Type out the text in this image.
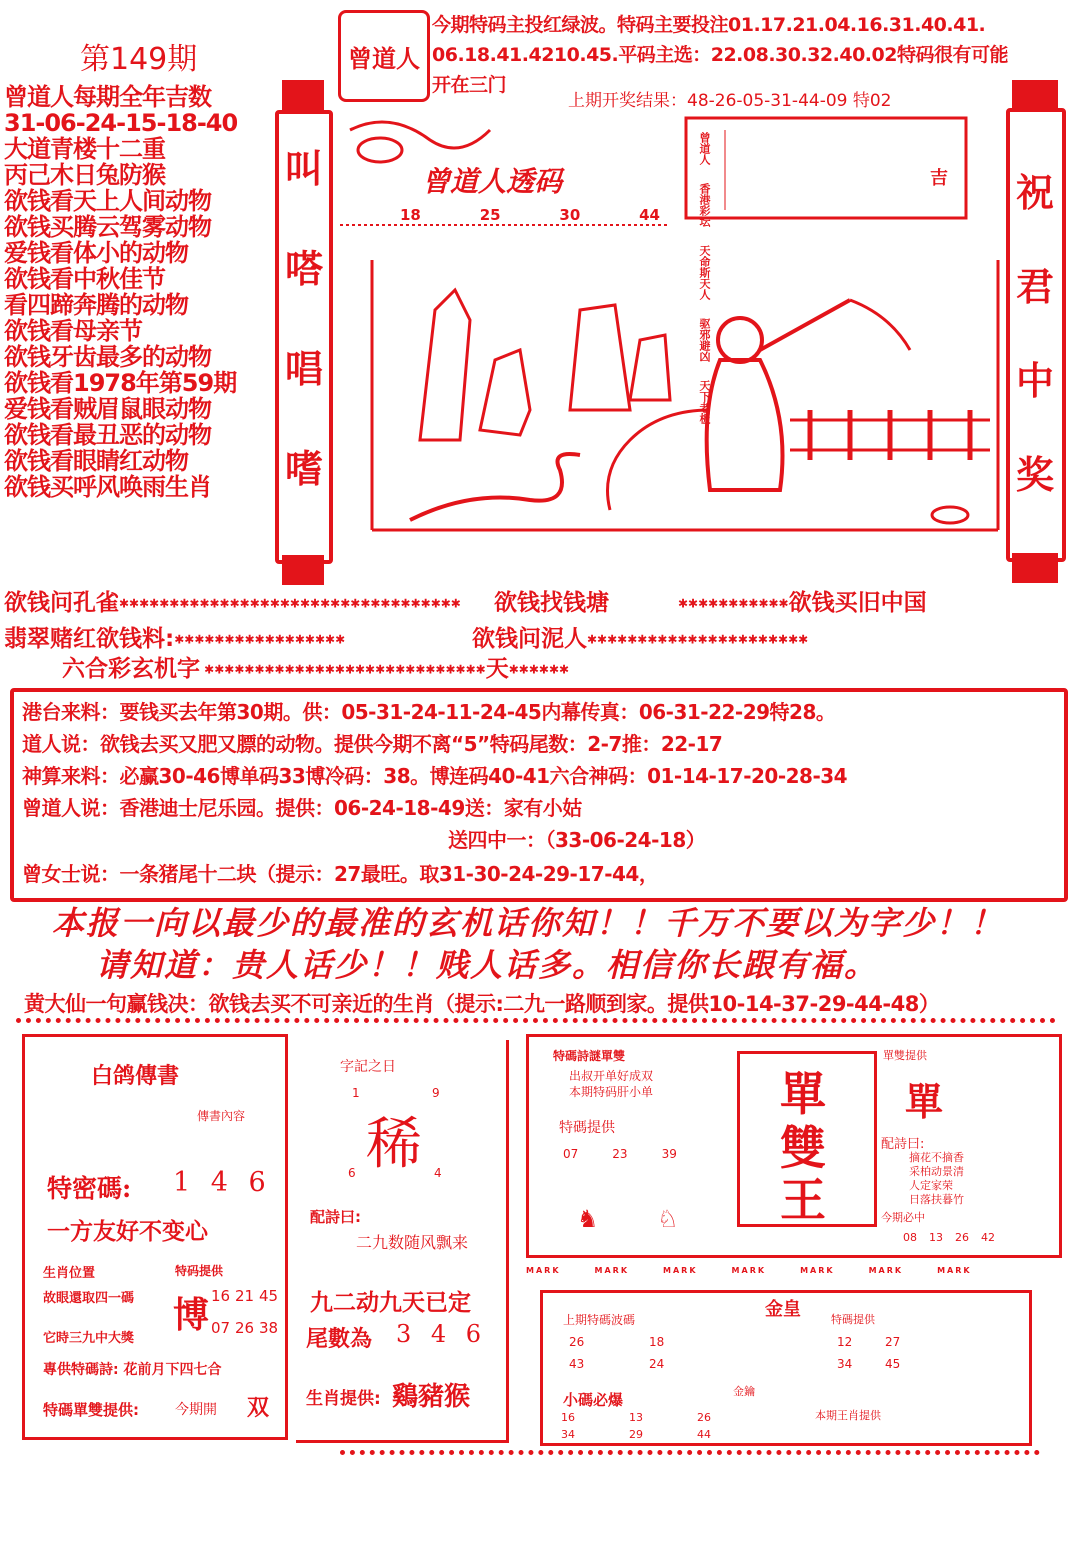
第149期	曾道人
今期特码主投红绿波。特码主要投注01.17.21.04.16.31.40.41.
06.18.41.4210.45.平码主选：22.08.30.32.40.02特码很有可能
开在三门
上期开奖结果：48-26-05-31-44-09 特02
曾道人每期全年吉数
31-06-24-15-18-40
大道青楼十二重
丙己木日兔防猴
欲钱看天上人间动物
欲钱买腾云驾雾动物
爱钱看体小的动物
欲钱看中秋佳节
看四蹄奔腾的动物
欲钱看母亲节
欲钱牙齿最多的动物
欲钱看1978年第59期
爱钱看贼眉鼠眼动物
欲钱看最丑恶的动物
欲钱看眼睛红动物
欲钱买呼风唤雨生肖
叫
嗒
唱
嗜
祝
君
中
奖
曾道人透码
18	25	30	44
曾道人
香港彩坛
天命斯天人
驱邪避凶
天下老板
吉
欲钱问孔雀✱✱✱✱✱✱✱✱✱✱✱✱✱✱✱✱✱✱✱✱✱✱✱✱✱✱✱✱✱✱✱✱✱✱ 欲钱找钱塘	✱✱✱✱✱✱✱✱✱✱✱欲钱买旧中国
翡翠赌红欲钱料:✱✱✱✱✱✱✱✱✱✱✱✱✱✱✱✱✱	欲钱问泥人✱✱✱✱✱✱✱✱✱✱✱✱✱✱✱✱✱✱✱✱✱✱
六合彩玄机字 ✱✱✱✱✱✱✱✱✱✱✱✱✱✱✱✱✱✱✱✱✱✱✱✱✱✱✱✱天✱✱✱✱✱✱
港台来料：要钱买去年第30期。供：05-31-24-11-24-45内幕传真：06-31-22-29特28。
道人说：欲钱去买又肥又膘的动物。提供今期不离“5”特码尾数：2-7推：22-17
神算来料：必赢30-46博单码33博冷码：38。博连码40-41六合神码：01-14-17-20-28-34
曾道人说：香港迪士尼乐园。提供：06-24-18-49送：家有小姑
送四中一：（33-06-24-18）
曾女士说：一条猪尾十二块（提示：27最旺。取31-30-24-29-17-44，
本报一向以最少的最准的玄机话你知！！千万不要以为字少！！
请知道：贵人话少！！贱人话多。相信你长跟有福。
黄大仙一句赢钱决：欲钱去买不可亲近的生肖（提示:二九一路顺到家。提供10-14-37-29-44-48）
白鸽傳書
傳書內容
特密碼: 1 4 6
一方友好不变心
生肖位置
故眼還取四一碼
它時三九中大獎
專供特碼詩: 花前月下四七合
博
特码提供
16 21 45
07 26 38
特碼單雙提供:	今期開 双
字記之日
1	9
稀
6	4
配詩曰:
二九数随风飘来
九二动九天已定
尾數為 3 4 6
生肖提供: 鷄豬猴
特碼詩謎單雙
出叔开单好成双
本期特码肝小单
特碼提供
07	23	39
♞ ♘
單
雙
王
單雙提供
單
配詩曰:
摘花不摘香
采柏动景清
人定家荣
日落扶暮竹
今期必中
08 13 26 42
MARK	MARK	MARK	MARK	MARK	MARK	MARK
金皇
上期特碼波碼
26	18
43	24
特碼提供
12	27
34	45
金鑰
小碼必爆
16	13	26
34	29	44
本期王肖提供
